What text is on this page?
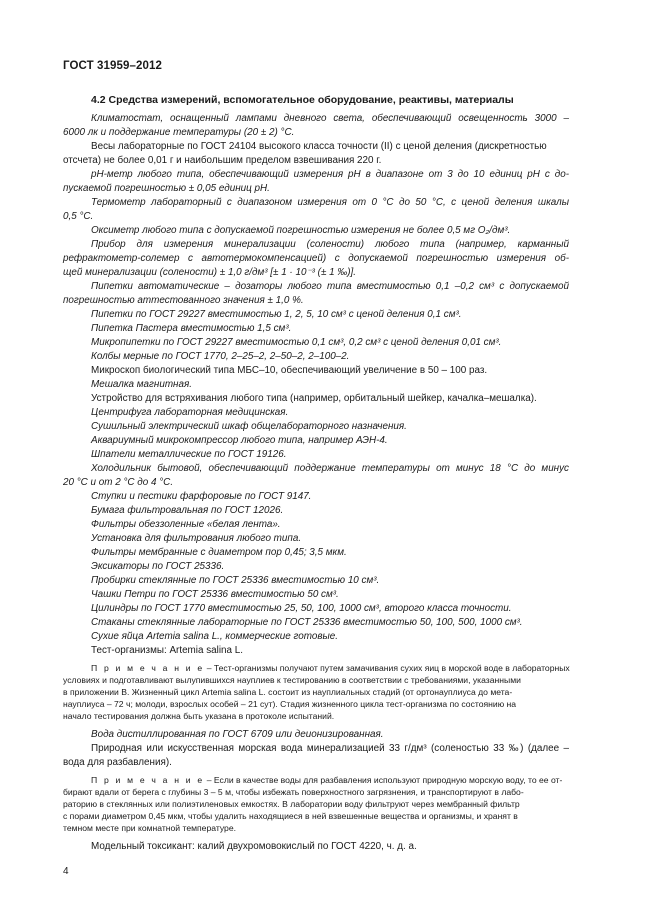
ГОСТ 31959–2012
4.2 Средства измерений, вспомогательное оборудование, реактивы, материалы
Климатостат, оснащенный лампами дневного света, обеспечивающий освещенность 3000 –
6000 лк и поддержание температуры (20 ± 2) °С.
Весы лабораторные по ГОСТ 24104 высокого класса точности (II) с ценой деления (дискретностью
отсчета) не более 0,01 г и наибольшим пределом взвешивания 220 г.
рН-метр любого типа, обеспечивающий измерения рН в диапазоне от 3 до 10 единиц рН с до-
пускаемой погрешностью ± 0,05 единиц рН.
Термометр лабораторный с диапазоном измерения от 0 °С до 50 °С, с ценой деления шкалы
0,5 °С.
Оксиметр любого типа с допускаемой погрешностью измерения не более 0,5 мг О₂/дм³.
Прибор для измерения минерализации (солености) любого типа (например, карманный
рефрактометр-солемер с автотермокомпенсацией) с допускаемой погрешностью измерения об-
щей минерализации (солености) ± 1,0 г/дм³ [± 1 · 10⁻³ (± 1 ‰)].
Пипетки автоматические – дозаторы любого типа вместимостью 0,1 –0,2 см³ с допускаемой
погрешностью аттестованного значения ± 1,0 %.
Пипетки по ГОСТ 29227 вместимостью 1, 2, 5, 10 см³ с ценой деления 0,1 см³.
Пипетка Пастера вместимостью 1,5 см³.
Микропипетки по ГОСТ 29227 вместимостью 0,1 см³, 0,2 см³ с ценой деления 0,01 см³.
Колбы мерные по ГОСТ 1770, 2–25–2, 2–50–2, 2–100–2.
Микроскоп биологический типа МБС–10, обеспечивающий увеличение в 50 – 100 раз.
Мешалка магнитная.
Устройство для встряхивания любого типа (например, орбитальный шейкер, качалка–мешалка).
Центрифуга лабораторная медицинская.
Сушильный электрический шкаф общелабораторного назначения.
Аквариумный микрокомпрессор любого типа, например АЭН-4.
Шпатели металлические по ГОСТ 19126.
Холодильник бытовой, обеспечивающий поддержание температуры от минус 18 °С до минус
20 °С и от 2 °С до 4 °С.
Ступки и пестики фарфоровые по ГОСТ 9147.
Бумага фильтровальная по ГОСТ 12026.
Фильтры обеззоленные «белая лента».
Установка для фильтрования любого типа.
Фильтры мембранные с диаметром пор 0,45; 3,5 мкм.
Эксикаторы по ГОСТ 25336.
Пробирки стеклянные по ГОСТ 25336 вместимостью 10 см³.
Чашки Петри по ГОСТ 25336 вместимостью 50 см³.
Цилиндры по ГОСТ 1770 вместимостью 25, 50, 100, 1000 см³, второго класса точности.
Стаканы стеклянные лабораторные по ГОСТ 25336 вместимостью 50, 100, 500, 1000 см³.
Сухие яйца Artemia salina L., коммерческие готовые.
Тест-организмы: Artemia salina L.
П р и м е ч а н и е – Тест-организмы получают путем замачивания сухих яиц в морской воде в лабораторных
условиях и подготавливают вылупившихся науплиев к тестированию в соответствии с требованиями, указанными
в приложении В. Жизненный цикл Artemia salina L. состоит из науплиальных стадий (от ортонауплиуса до мета-
науплиуса – 72 ч; молоди, взрослых особей – 21 сут). Стадия жизненного цикла тест-организма по состоянию на
начало тестирования должна быть указана в протоколе испытаний.
Вода дистиллированная по ГОСТ 6709 или деионизированная.
Природная или искусственная морская вода минерализацией 33 г/дм³ (соленостью 33 ‰) (далее –
вода для разбавления).
П р и м е ч а н и е – Если в качестве воды для разбавления используют природную морскую воду, то ее от-
бирают вдали от берега с глубины 3 – 5 м, чтобы избежать поверхностного загрязнения, и транспортируют в лабо-
раторию в стеклянных или полиэтиленовых емкостях. В лаборатории воду фильтруют через мембранный фильтр
с порами диаметром 0,45 мкм, чтобы удалить находящиеся в ней взвешенные вещества и организмы, и хранят в
темном месте при комнатной температуре.
Модельный токсикант: калий двухромовокислый по ГОСТ 4220, ч. д. а.
4
